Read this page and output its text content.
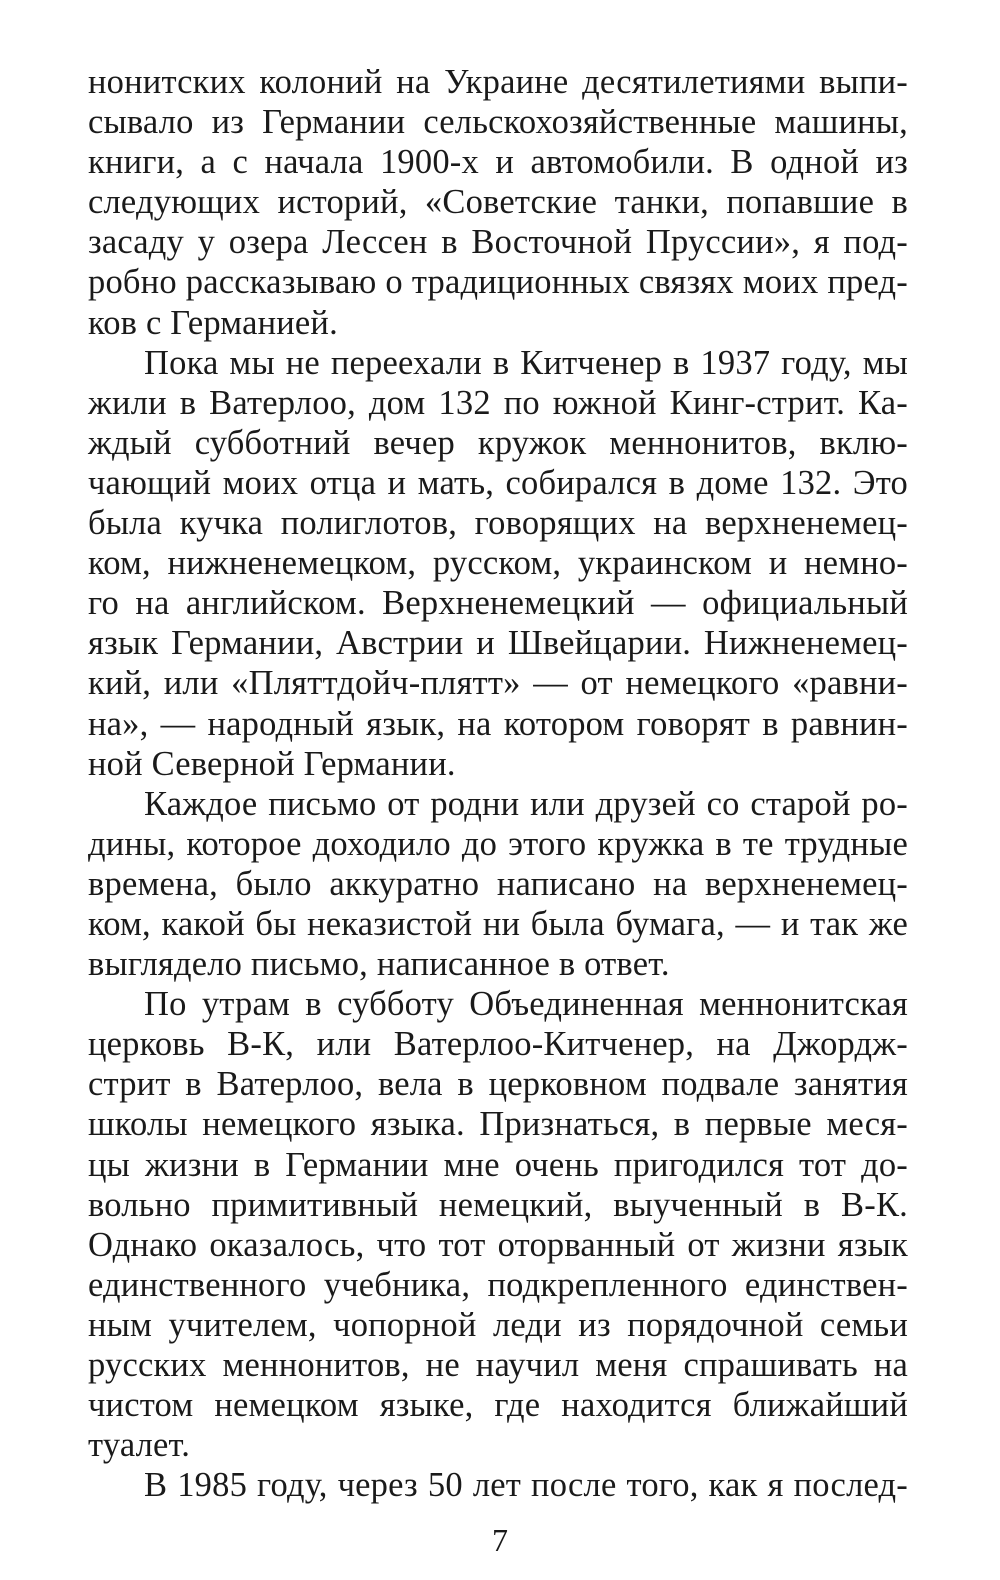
нонитских колоний на Украине десятилетиями выпи-
сывало из Германии сельскохозяйственные машины,
книги, а с начала 1900-х и автомобили. В одной из
следующих историй, «Советские танки, попавшие в
засаду у озера Лессен в Восточной Пруссии», я под-
робно рассказываю о традиционных связях моих пред-
ков с Германией.
Пока мы не переехали в Китченер в 1937 году, мы
жили в Ватерлоо, дом 132 по южной Кинг-стрит. Ка-
ждый субботний вечер кружок меннонитов, вклю-
чающий моих отца и мать, собирался в доме 132. Это
была кучка полиглотов, говорящих на верхненемец-
ком, нижненемецком, русском, украинском и немно-
го на английском. Верхненемецкий — официальный
язык Германии, Австрии и Швейцарии. Нижненемец-
кий, или «Пляттдойч-плятт» — от немецкого «равни-
на», — народный язык, на котором говорят в равнин-
ной Северной Германии.
Каждое письмо от родни или друзей со старой ро-
дины, которое доходило до этого кружка в те трудные
времена, было аккуратно написано на верхненемец-
ком, какой бы неказистой ни была бумага, — и так же
выглядело письмо, написанное в ответ.
По утрам в субботу Объединенная меннонитская
церковь В-К, или Ватерлоо-Китченер, на Джордж-
стрит в Ватерлоо, вела в церковном подвале занятия
школы немецкого языка. Признаться, в первые меся-
цы жизни в Германии мне очень пригодился тот до-
вольно примитивный немецкий, выученный в В-К.
Однако оказалось, что тот оторванный от жизни язык
единственного учебника, подкрепленного единствен-
ным учителем, чопорной леди из порядочной семьи
русских меннонитов, не научил меня спрашивать на
чистом немецком языке, где находится ближайший
туалет.
В 1985 году, через 50 лет после того, как я послед-
7
